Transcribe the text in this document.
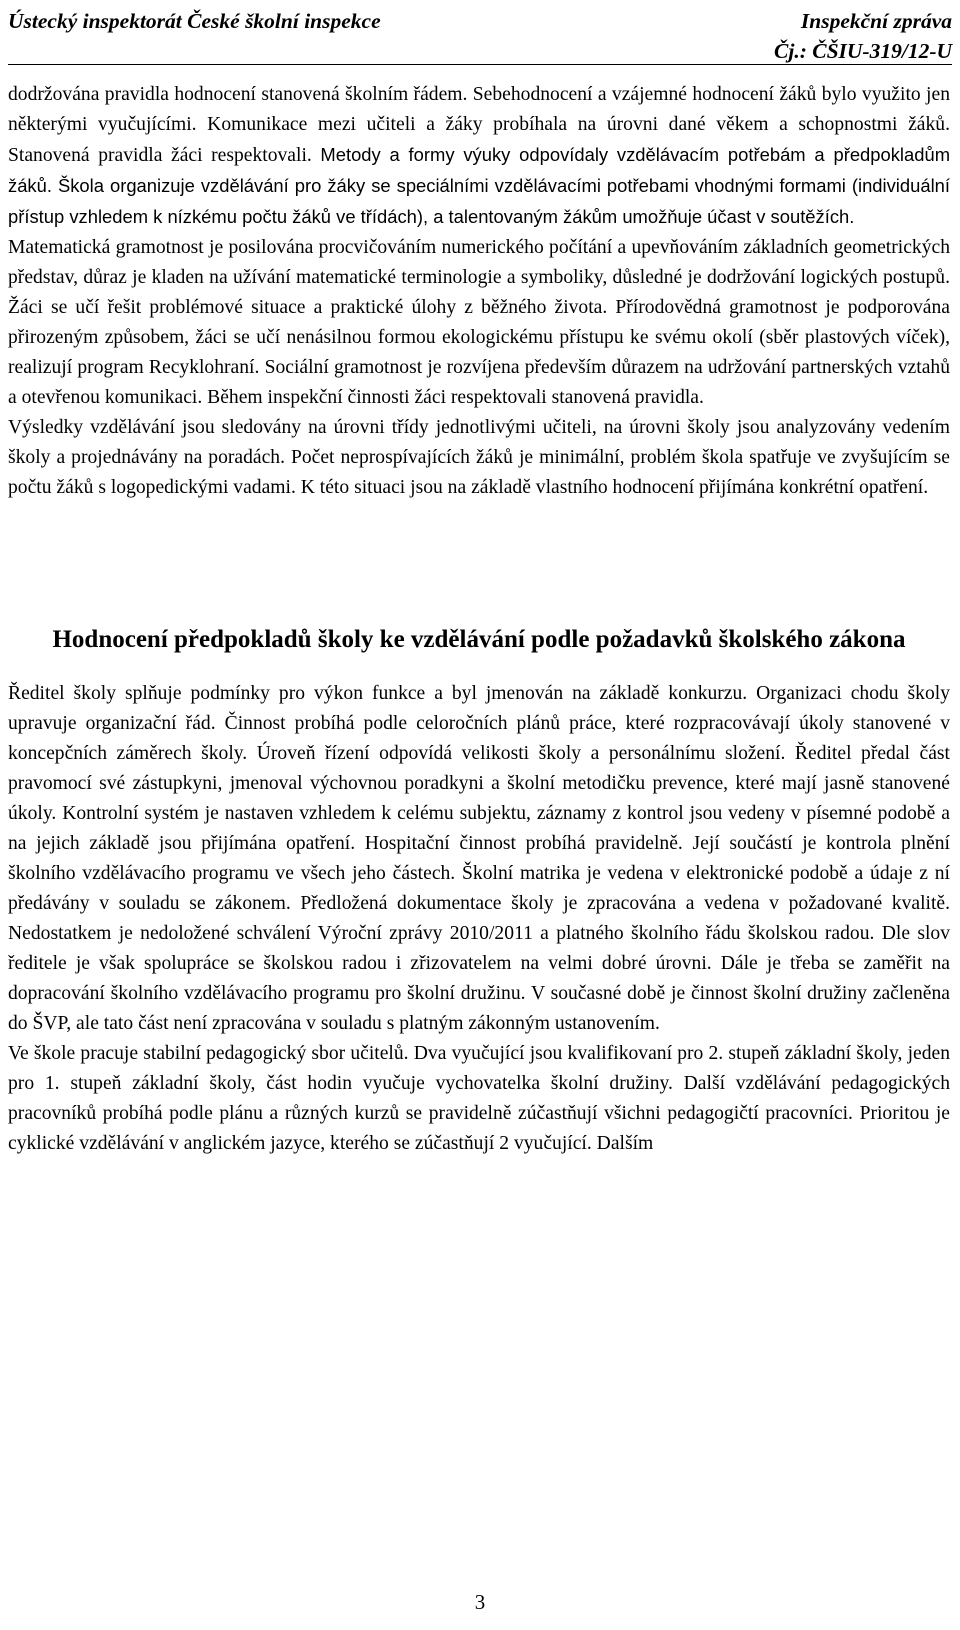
Ústecký inspektorát České školní inspekce	Inspekční zpráva
Čj.: ČŠIU-319/12-U

dodržována pravidla hodnocení stanovená školním řádem. Sebehodnocení a vzájemné hodnocení žáků bylo využito jen některými vyučujícími. Komunikace mezi učiteli a žáky probíhala na úrovni dané věkem a schopnostmi žáků. Stanovená pravidla žáci respektovali. Metody a formy výuky odpovídaly vzdělávacím potřebám a předpokladům žáků. Škola organizuje vzdělávání pro žáky se speciálními vzdělávacími potřebami vhodnými formami (individuální přístup vzhledem k nízkému počtu žáků ve třídách), a talentovaným žákům umožňuje účast v soutěžích.

Matematická gramotnost je posilována procvičováním numerického počítání a upevňováním základních geometrických představ, důraz je kladen na užívání matematické terminologie a symboliky, důsledné je dodržování logických postupů. Žáci se učí řešit problémové situace a praktické úlohy z běžného života. Přírodovědná gramotnost je podporována přirozeným způsobem, žáci se učí nenásilnou formou ekologickému přístupu ke svému okolí (sběr plastových víček), realizují program Recyklohraní. Sociální gramotnost je rozvíjena především důrazem na udržování partnerských vztahů a otevřenou komunikaci. Během inspekční činnosti žáci respektovali stanovená pravidla.

Výsledky vzdělávání jsou sledovány na úrovni třídy jednotlivými učiteli, na úrovni školy jsou analyzovány vedením školy a projednávány na poradách. Počet neprospívajících žáků je minimální, problém škola spatřuje ve zvyšujícím se počtu žáků s logopedickými vadami. K této situaci jsou na základě vlastního hodnocení přijímána konkrétní opatření.

Hodnocení předpokladů školy ke vzdělávání podle požadavků školského zákona

Ředitel školy splňuje podmínky pro výkon funkce a byl jmenován na základě konkurzu. Organizaci chodu školy upravuje organizační řád. Činnost probíhá podle celoročních plánů práce, které rozpracovávají úkoly stanovené v koncepčních záměrech školy. Úroveň řízení odpovídá velikosti školy a personálnímu složení. Ředitel předal část pravomocí své zástupkyni, jmenoval výchovnou poradkyni a školní metodičku prevence, které mají jasně stanovené úkoly. Kontrolní systém je nastaven vzhledem k celému subjektu, záznamy z kontrol jsou vedeny v písemné podobě a na jejich základě jsou přijímána opatření. Hospitační činnost probíhá pravidelně. Její součástí je kontrola plnění školního vzdělávacího programu ve všech jeho částech. Školní matrika je vedena v elektronické podobě a údaje z ní předávány v souladu se zákonem. Předložená dokumentace školy je zpracována a vedena v požadované kvalitě. Nedostatkem je nedoložené schválení Výroční zprávy 2010/2011 a platného školního řádu školskou radou. Dle slov ředitele je však spolupráce se školskou radou i zřizovatelem na velmi dobré úrovni. Dále je třeba se zaměřit na dopracování školního vzdělávacího programu pro školní družinu. V současné době je činnost školní družiny začleněna do ŠVP, ale tato část není zpracována v souladu s platným zákonným ustanovením.

Ve škole pracuje stabilní pedagogický sbor učitelů. Dva vyučující jsou kvalifikovaní pro 2. stupeň základní školy, jeden pro 1. stupeň základní školy, část hodin vyučuje vychovatelka školní družiny. Další vzdělávání pedagogických pracovníků probíhá podle plánu a různých kurzů se pravidelně zúčastňují všichni pedagogičtí pracovníci. Prioritou je cyklické vzdělávání v anglickém jazyce, kterého se zúčastňují 2 vyučující. Dalším

3
